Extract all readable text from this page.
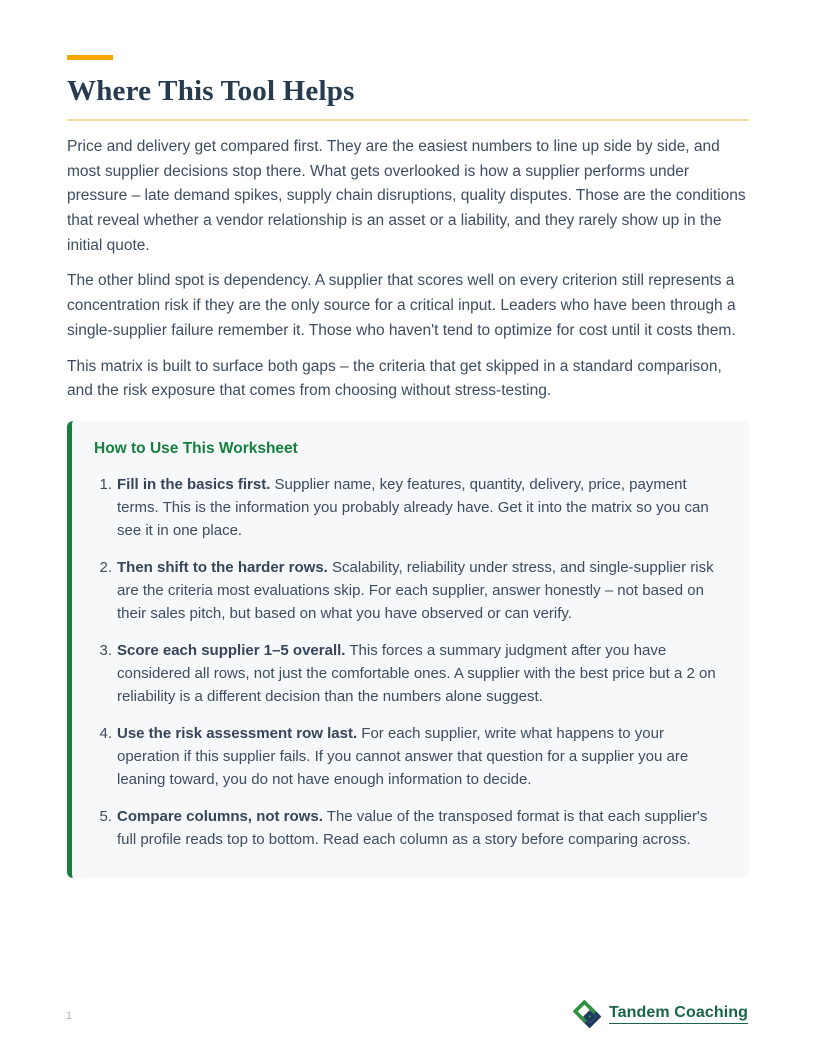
Where This Tool Helps

Price and delivery get compared first. They are the easiest numbers to line up side by side, and most supplier decisions stop there. What gets overlooked is how a supplier performs under pressure – late demand spikes, supply chain disruptions, quality disputes. Those are the conditions that reveal whether a vendor relationship is an asset or a liability, and they rarely show up in the initial quote.

The other blind spot is dependency. A supplier that scores well on every criterion still represents a concentration risk if they are the only source for a critical input. Leaders who have been through a single-supplier failure remember it. Those who haven't tend to optimize for cost until it costs them.

This matrix is built to surface both gaps – the criteria that get skipped in a standard comparison, and the risk exposure that comes from choosing without stress-testing.

How to Use This Worksheet
1. Fill in the basics first. Supplier name, key features, quantity, delivery, price, payment terms. This is the information you probably already have. Get it into the matrix so you can see it in one place.
2. Then shift to the harder rows. Scalability, reliability under stress, and single-supplier risk are the criteria most evaluations skip. For each supplier, answer honestly – not based on their sales pitch, but based on what you have observed or can verify.
3. Score each supplier 1–5 overall. This forces a summary judgment after you have considered all rows, not just the comfortable ones. A supplier with the best price but a 2 on reliability is a different decision than the numbers alone suggest.
4. Use the risk assessment row last. For each supplier, write what happens to your operation if this supplier fails. If you cannot answer that question for a supplier you are leaning toward, you do not have enough information to decide.
5. Compare columns, not rows. The value of the transposed format is that each supplier's full profile reads top to bottom. Read each column as a story before comparing across.
1	Tandem Coaching
